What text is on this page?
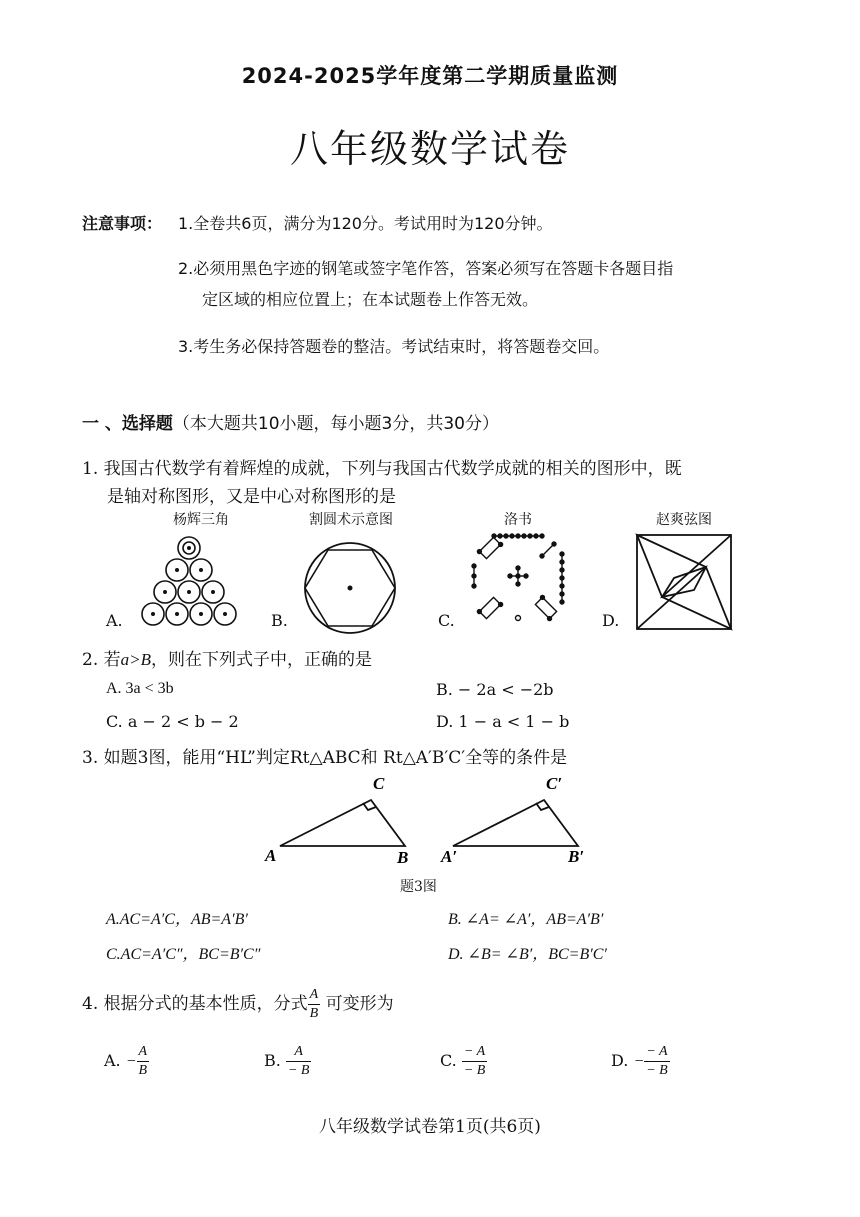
2024-2025学年度第二学期质量监测
八年级数学试卷
注意事项： 1.全卷共6页，满分为120分。考试用时为120分钟。
2.必须用黑色字迹的钢笔或签字笔作答，答案必须写在答题卡各题目指
定区域的相应位置上；在本试题卷上作答无效。
3.考生务必保持答题卷的整洁。考试结束时，将答题卷交回。
一 、选择题（本大题共10小题，每小题3分，共30分）
1. 我国古代数学有着辉煌的成就，下列与我国古代数学成就的相关的图形中，既
是轴对称图形，又是中心对称图形的是
杨辉三角	割圆术示意图	洛书	赵爽弦图
A.	B.	C.	D.
2. 若a>B，则在下列式子中，正确的是
A. 3a < 3b	B. − 2a < −2b
C. a − 2 < b − 2	D. 1 − a < 1 − b
3. 如题3图，能用“HL”判定Rt△ABC和 Rt△A′B′C′全等的条件是
A	B
C
A′	B′
C′
题3图
A.AC=A′C，AB=A′B′	B. ∠A= ∠A′，AB=A′B′
C.AC=A′C″，BC=B′C″	D. ∠B= ∠B′，BC=B′C′
4. 根据分式的基本性质，分式 $\frac{A}{B}$ 可变形为
A. − $\frac{A}{B}$	B. $\frac{A}{- B}$	C. $\frac{- A}{- B}$	D. − $\frac{- A}{- B}$
八年级数学试卷第1页(共6页)
